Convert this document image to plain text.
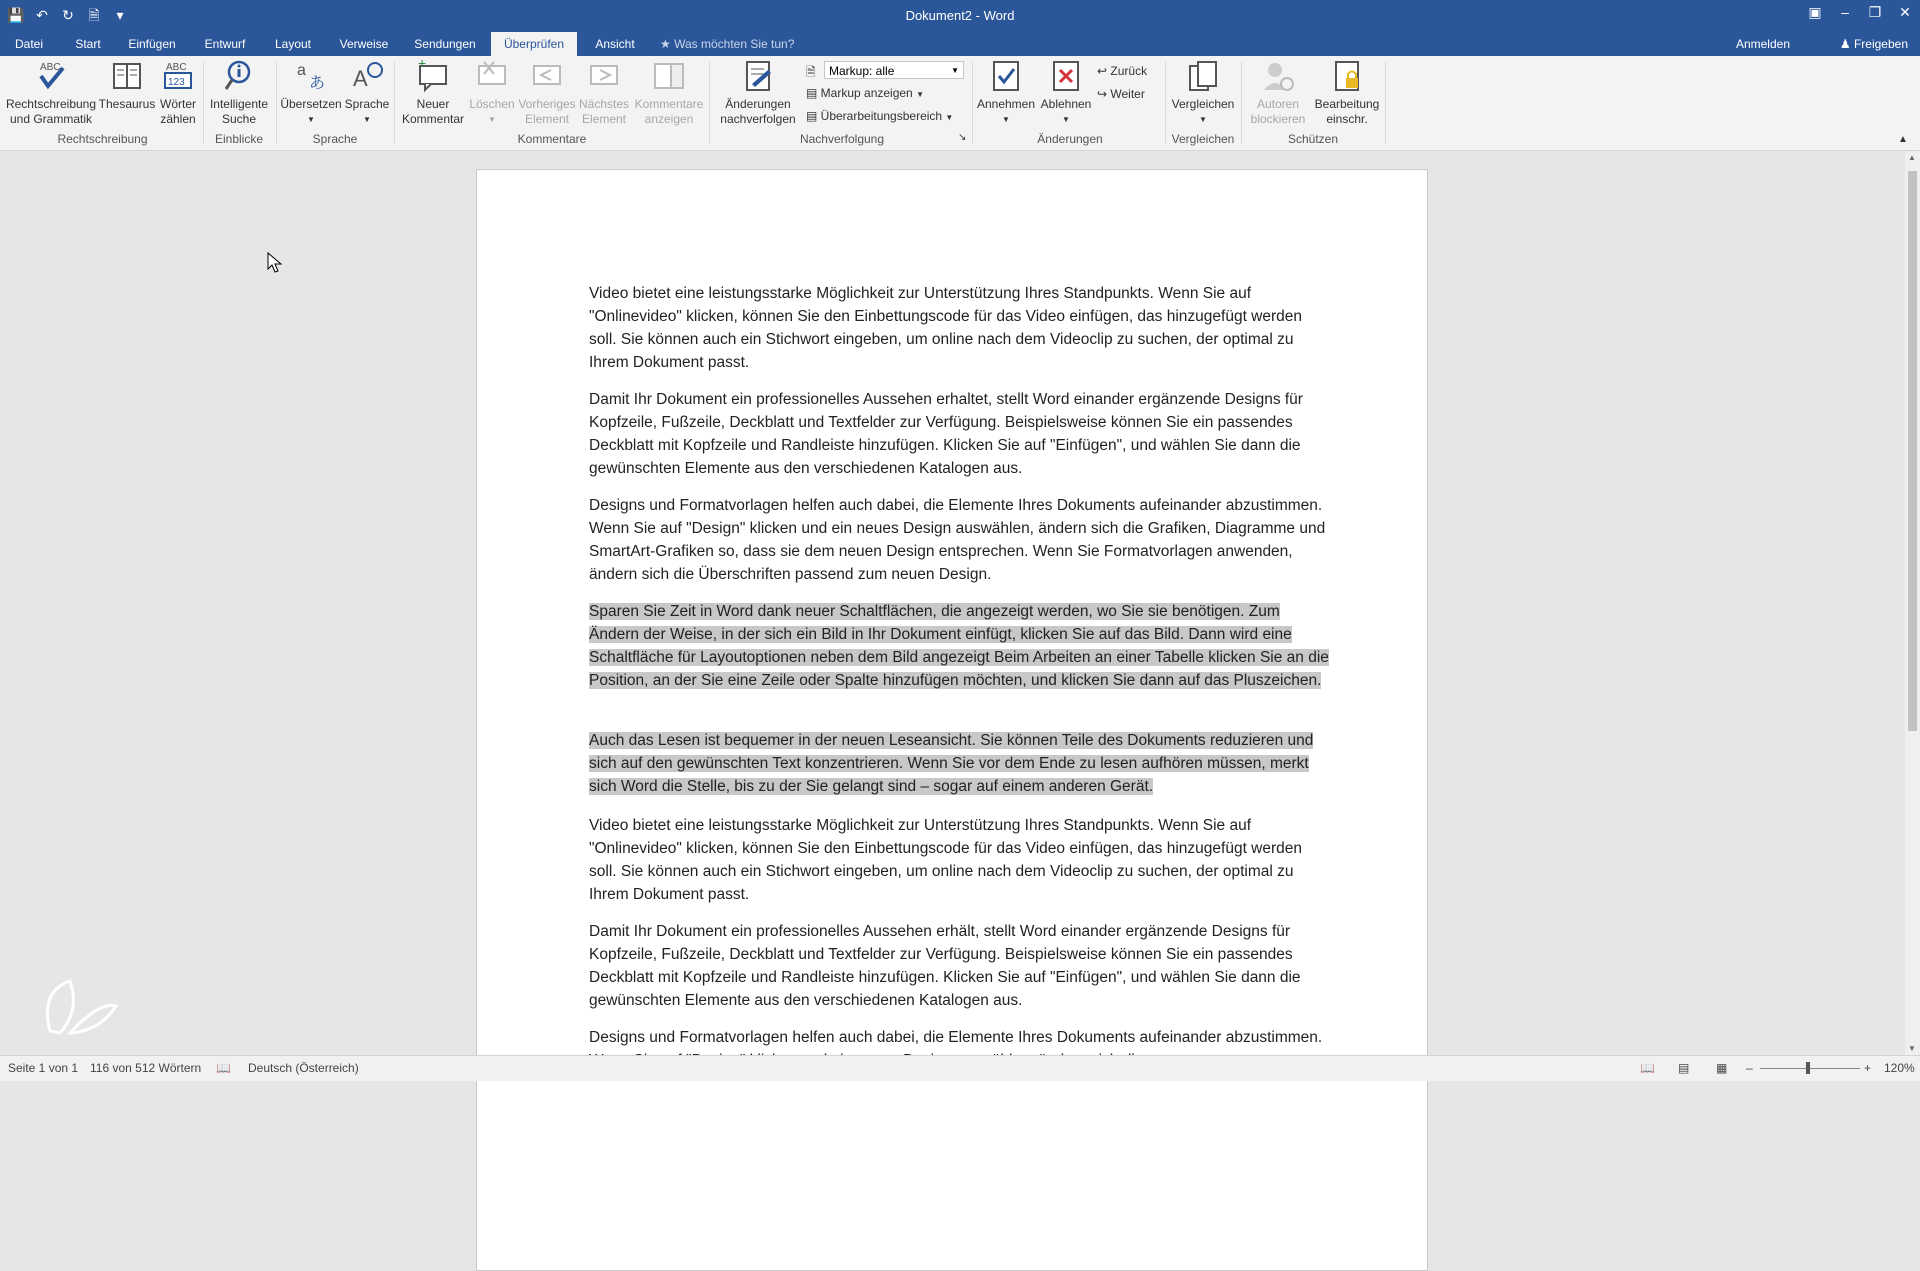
💾 ↶ ↻	🗎	▾	Dokument2 - Word	▣	–	❐	✕
Datei	Start	Einfügen	Entwurf	Layout	Verweise	Sendungen	Überprüfen	Ansicht	★ Was möchten Sie tun?	Anmelden	♟ Freigeben
ABC
Rechtschreibung und Grammatik
Thesaurus
ABC
123
Wörter zählen
Rechtschreibung
Intelligente Suche
Einblicke
a
あ
Übersetzen
▼
A
Sprache
▼
Sprache
+
Neuer Kommentar
Löschen
▼
Vorheriges Element
Nächstes Element
Kommentare anzeigen
Kommentare
Änderungen nachverfolgen
🗎	Markup: alle	▼
▤ Markup anzeigen ▼
▤ Überarbeitungsbereich ▼
Nachverfolgung	↘
Annehmen
▼
Ablehnen
▼
↩ Zurück
↪ Weiter
Änderungen
Vergleichen
▼
Vergleichen
Autoren blockieren
Bearbeitung einschr.
Schützen	▲

Video bietet eine leistungsstarke Möglichkeit zur Unterstützung Ihres Standpunkts. Wenn Sie auf "Onlinevideo" klicken, können Sie den Einbettungscode für das Video einfügen, das hinzugefügt werden soll. Sie können auch ein Stichwort eingeben, um online nach dem Videoclip zu suchen, der optimal zu Ihrem Dokument passt.

Damit Ihr Dokument ein professionelles Aussehen erhaltet, stellt Word einander ergänzende Designs für Kopfzeile, Fußzeile, Deckblatt und Textfelder zur Verfügung. Beispielsweise können Sie ein passendes Deckblatt mit Kopfzeile und Randleiste hinzufügen. Klicken Sie auf "Einfügen", und wählen Sie dann die gewünschten Elemente aus den verschiedenen Katalogen aus.

Designs und Formatvorlagen helfen auch dabei, die Elemente Ihres Dokuments aufeinander abzustimmen. Wenn Sie auf "Design" klicken und ein neues Design auswählen, ändern sich die Grafiken, Diagramme und SmartArt-Grafiken so, dass sie dem neuen Design entsprechen. Wenn Sie Formatvorlagen anwenden, ändern sich die Überschriften passend zum neuen Design.

Sparen Sie Zeit in Word dank neuer Schaltflächen, die angezeigt werden, wo Sie sie benötigen. Zum Ändern der Weise, in der sich ein Bild in Ihr Dokument einfügt, klicken Sie auf das Bild. Dann wird eine Schaltfläche für Layoutoptionen neben dem Bild angezeigt Beim Arbeiten an einer Tabelle klicken Sie an die Position, an der Sie eine Zeile oder Spalte hinzufügen möchten, und klicken Sie dann auf das Pluszeichen.

Auch das Lesen ist bequemer in der neuen Leseansicht. Sie können Teile des Dokuments reduzieren und sich auf den gewünschten Text konzentrieren. Wenn Sie vor dem Ende zu lesen aufhören müssen, merkt sich Word die Stelle, bis zu der Sie gelangt sind – sogar auf einem anderen Gerät.

Video bietet eine leistungsstarke Möglichkeit zur Unterstützung Ihres Standpunkts. Wenn Sie auf "Onlinevideo" klicken, können Sie den Einbettungscode für das Video einfügen, das hinzugefügt werden soll. Sie können auch ein Stichwort eingeben, um online nach dem Videoclip zu suchen, der optimal zu Ihrem Dokument passt.

Damit Ihr Dokument ein professionelles Aussehen erhält, stellt Word einander ergänzende Designs für Kopfzeile, Fußzeile, Deckblatt und Textfelder zur Verfügung. Beispielsweise können Sie ein passendes Deckblatt mit Kopfzeile und Randleiste hinzufügen. Klicken Sie auf "Einfügen", und wählen Sie dann die gewünschten Elemente aus den verschiedenen Katalogen aus.

Designs und Formatvorlagen helfen auch dabei, die Elemente Ihres Dokuments aufeinander abzustimmen.

▲
▼
Seite 1 von 1 116 von 512 Wörtern 📖 Deutsch (Österreich)	📖 ▤ ▦ –	+ 120%
